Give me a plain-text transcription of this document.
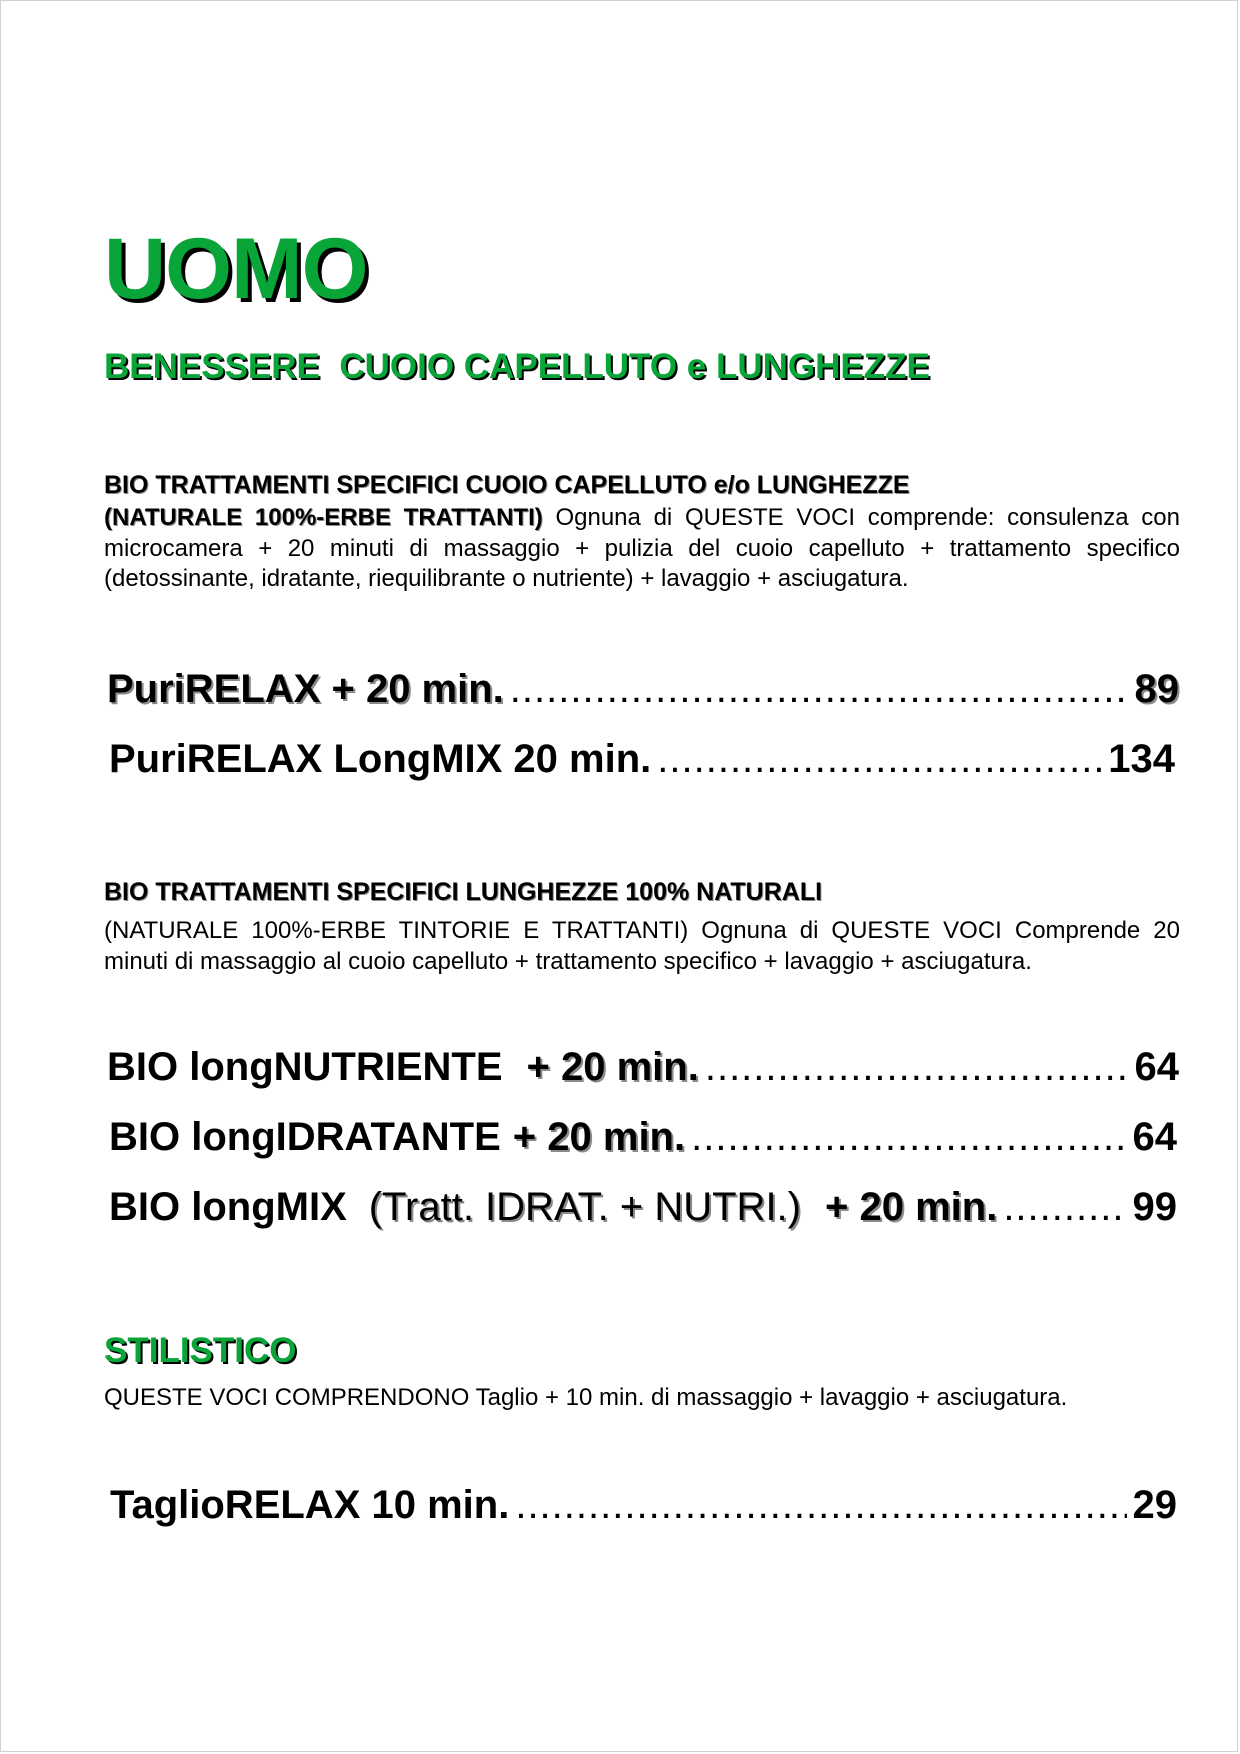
UOMO
BENESSERE  CUOIO CAPELLUTO e LUNGHEZZE
BIO TRATTAMENTI SPECIFICI CUOIO CAPELLUTO e/o LUNGHEZZE
(NATURALE 100%-ERBE TRATTANTI) Ognuna di QUESTE VOCI comprende: consulenza con microcamera + 20 minuti di massaggio + pulizia del cuoio capelluto + trattamento specifico (detossinante, idratante, riequilibrante o nutriente) + lavaggio + asciugatura.
PuriRELAX + 20 min. .....	89
PuriRELAX LongMIX 20 min. .....	134
BIO TRATTAMENTI SPECIFICI LUNGHEZZE 100% NATURALI
(NATURALE 100%-ERBE TINTORIE E TRATTANTI) Ognuna di QUESTE VOCI Comprende 20 minuti di massaggio al cuoio capelluto + trattamento specifico + lavaggio + asciugatura.
BIO longNUTRIENTE + 20 min. .....	64
BIO longIDRATANTE + 20 min. .....	64
BIO longMIX (Tratt. IDRAT. + NUTRI.) + 20 min. .....	99
STILISTICO
QUESTE VOCI COMPRENDONO Taglio + 10 min. di massaggio + lavaggio + asciugatura.
TaglioRELAX 10 min. .....	29
